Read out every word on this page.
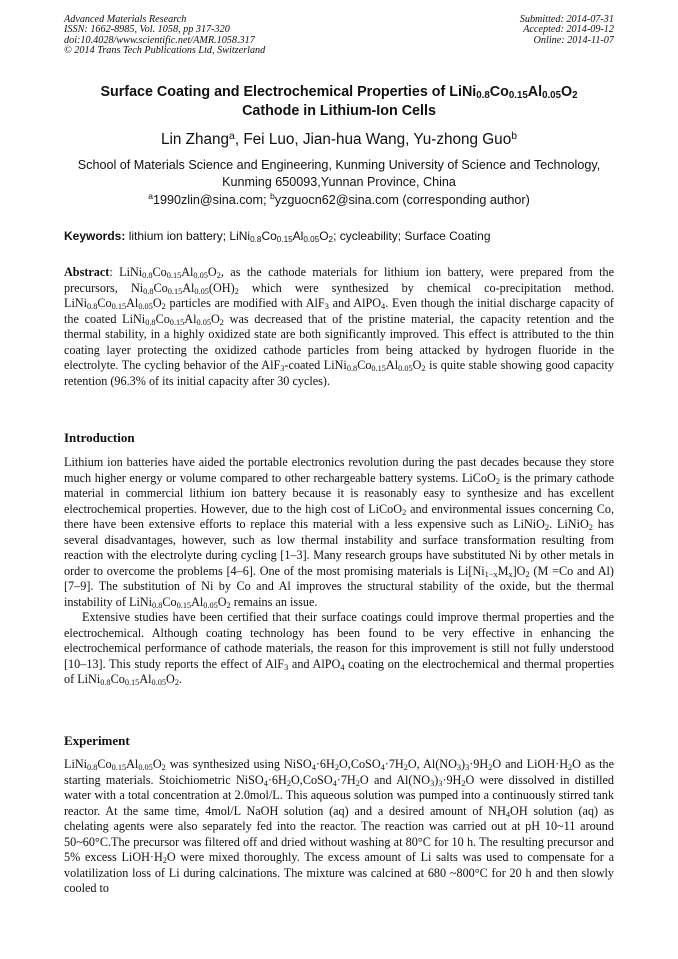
Advanced Materials Research
ISSN: 1662-8985, Vol. 1058, pp 317-320
doi:10.4028/www.scientific.net/AMR.1058.317
© 2014 Trans Tech Publications Ltd, Switzerland
Submitted: 2014-07-31
Accepted: 2014-09-12
Online: 2014-11-07
Surface Coating and Electrochemical Properties of $LiNi_{0.8}Co_{0.15}Al_{0.05}O_2$
Cathode in Lithium-Ion Cells
Lin Zhang$^a$, Fei Luo, Jian-hua Wang, Yu-zhong Guo$^b$
School of Materials Science and Engineering, Kunming University of Science and Technology,
Kunming 650093,Yunnan Province, China
$^a$1990zlin@sina.com; $^b$yzguocn62@sina.com (corresponding author)
Keywords: lithium ion battery; $LiNi_{0.8}Co_{0.15}Al_{0.05}O_2$; cycleability; Surface Coating

Abstract: $LiNi_{0.8}Co_{0.15}Al_{0.05}O_2$, as the cathode materials for lithium ion battery, were prepared from the precursors, $Ni_{0.8}Co_{0.15}Al_{0.05}(OH)_2$ which were synthesized by chemical co-precipitation method. $LiNi_{0.8}Co_{0.15}Al_{0.05}O_2$ particles are modified with AlF$_3$ and AlPO$_4$. Even though the initial discharge capacity of the coated $LiNi_{0.8}Co_{0.15}Al_{0.05}O_2$ was decreased that of the pristine material, the capacity retention and the thermal stability, in a highly oxidized state are both significantly improved. This effect is attributed to the thin coating layer protecting the oxidized cathode particles from being attacked by hydrogen fluoride in the electrolyte. The cycling behavior of the AlF$_3$-coated $LiNi_{0.8}Co_{0.15}Al_{0.05}O_2$ is quite stable showing good capacity retention (96.3% of its initial capacity after 30 cycles).

Introduction

Lithium ion batteries have aided the portable electronics revolution during the past decades because they store much higher energy or volume compared to other rechargeable battery systems. LiCoO$_2$ is the primary cathode material in commercial lithium ion battery because it is reasonably easy to synthesize and has excellent electrochemical properties. However, due to the high cost of LiCoO$_2$ and environmental issues concerning Co, there have been extensive efforts to replace this material with a less expensive such as LiNiO$_2$. LiNiO$_2$ has several disadvantages, however, such as low thermal instability and surface transformation resulting from reaction with the electrolyte during cycling [1–3]. Many research groups have substituted Ni by other metals in order to overcome the problems [4–6]. One of the most promising materials is $Li[Ni_{1-x}M_x]O_2$ (M =Co and Al) [7–9]. The substitution of Ni by Co and Al improves the structural stability of the oxide, but the thermal instability of $LiNi_{0.8}Co_{0.15}Al_{0.05}O_2$ remains an issue.

Extensive studies have been certified that their surface coatings could improve thermal properties and the electrochemical. Although coating technology has been found to be very effective in enhancing the electrochemical performance of cathode materials, the reason for this improvement is still not fully understood [10–13]. This study reports the effect of AlF$_3$ and AlPO$_4$ coating on the electrochemical and thermal properties of $LiNi_{0.8}Co_{0.15}Al_{0.05}O_2$.

Experiment

$LiNi_{0.8}Co_{0.15}Al_{0.05}O_2$ was synthesized using $NiSO_4\cdot 6H_2O,CoSO_4\cdot 7H_2O$, $Al(NO_3)_3\cdot 9H_2O$ and $LiOH\cdot H_2O$ as the starting materials. Stoichiometric $NiSO_4\cdot 6H_2O,CoSO_4\cdot 7H_2O$ and $Al(NO_3)_3\cdot 9H_2O$ were dissolved in distilled water with a total concentration at 2.0mol/L. This aqueous solution was pumped into a continuously stirred tank reactor. At the same time, 4mol/L NaOH solution (aq) and a desired amount of $NH_4OH$ solution (aq) as chelating agents were also separately fed into the reactor. The reaction was carried out at pH 10~11 around 50~60°C.The precursor was filtered off and dried without washing at 80°C for 10 h. The resulting precursor and 5% excess $LiOH\cdot H_2O$ were mixed thoroughly. The excess amount of Li salts was used to compensate for a volatilization loss of Li during calcinations. The mixture was calcined at 680 ~800°C for 20 h and then slowly cooled to
